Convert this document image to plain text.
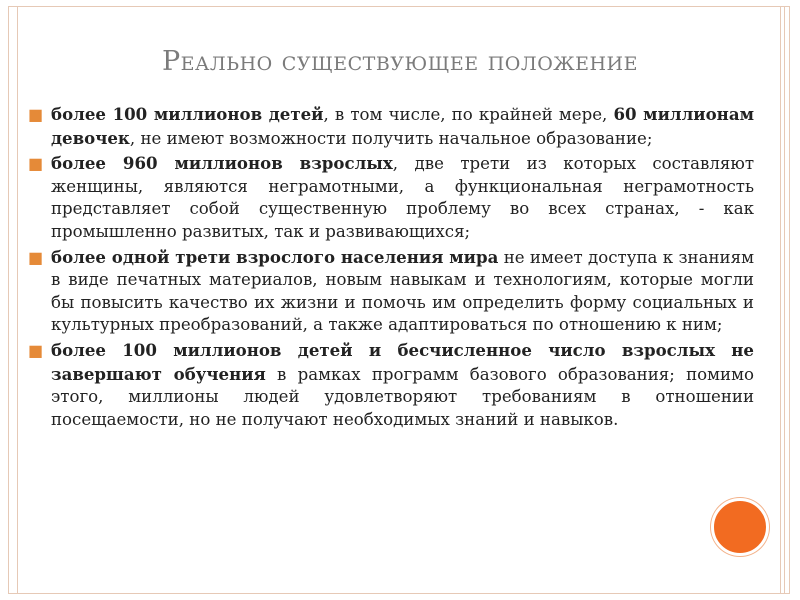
Реально существующее положение
■ более 100 миллионов детей, в том числе, по крайней мере, 60 миллионам девочек, не имеют возможности получить начальное образование;
■ более 960 миллионов взрослых, две трети из которых составляют женщины, являются неграмотными, а функциональная неграмотность представляет собой существенную проблему во всех странах, - как промышленно развитых, так и развивающихся;
■ более одной трети взрослого населения мира не имеет доступа к знаниям в виде печатных материалов, новым навыкам и технологиям, которые могли бы повысить качество их жизни и помочь им определить форму социальных и культурных преобразований, а также адаптироваться по отношению к ним;
■ более 100 миллионов детей и бесчисленное число взрослых не завершают обучения в рамках программ базового образования; помимо этого, миллионы людей удовлетворяют требованиям в отношении посещаемости, но не получают необходимых знаний и навыков.
